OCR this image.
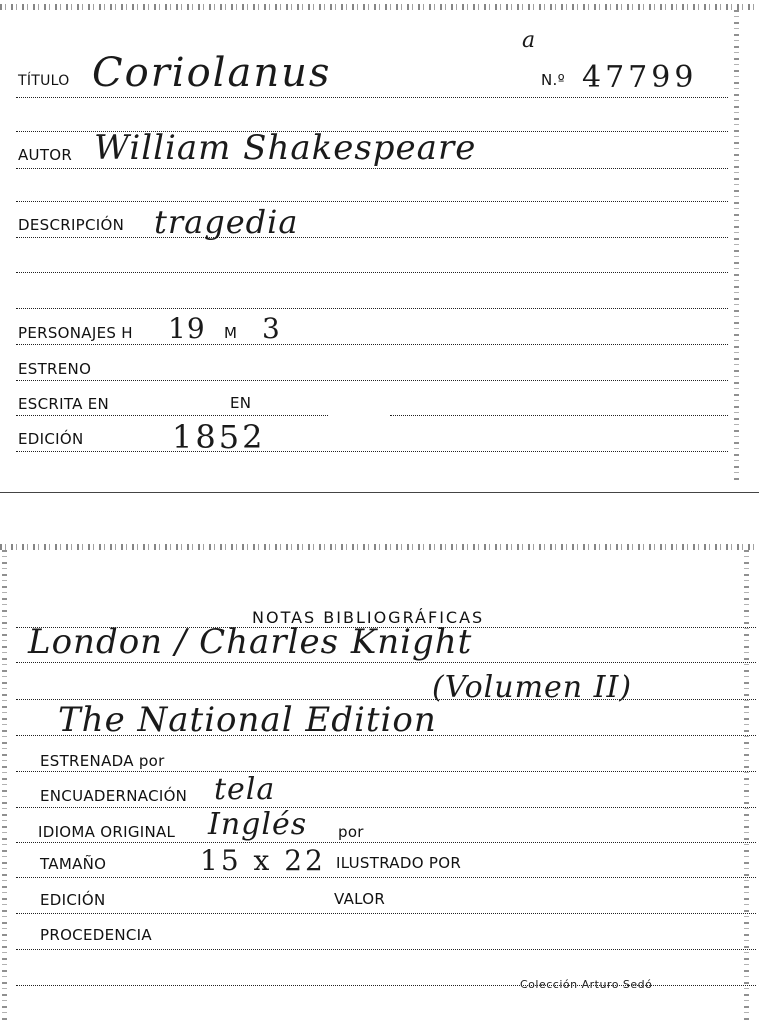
TÍTULO Coriolanus
a
N.º 47799
AUTOR William Shakespeare
DESCRIPCIÓN tragedia
PERSONAJES H 19 M 3
ESTRENO
ESCRITA EN	EN
EDICIÓN	1852
NOTAS BIBLIOGRÁFICAS
London / Charles Knight
(Volumen II)
The National Edition
ESTRENADA por
ENCUADERNACIÓN tela
IDIOMA ORIGINAL Inglés por
TAMAÑO	15 x 22 ILUSTRADO POR
EDICIÓN	VALOR
PROCEDENCIA
Colección Arturo Sedó
